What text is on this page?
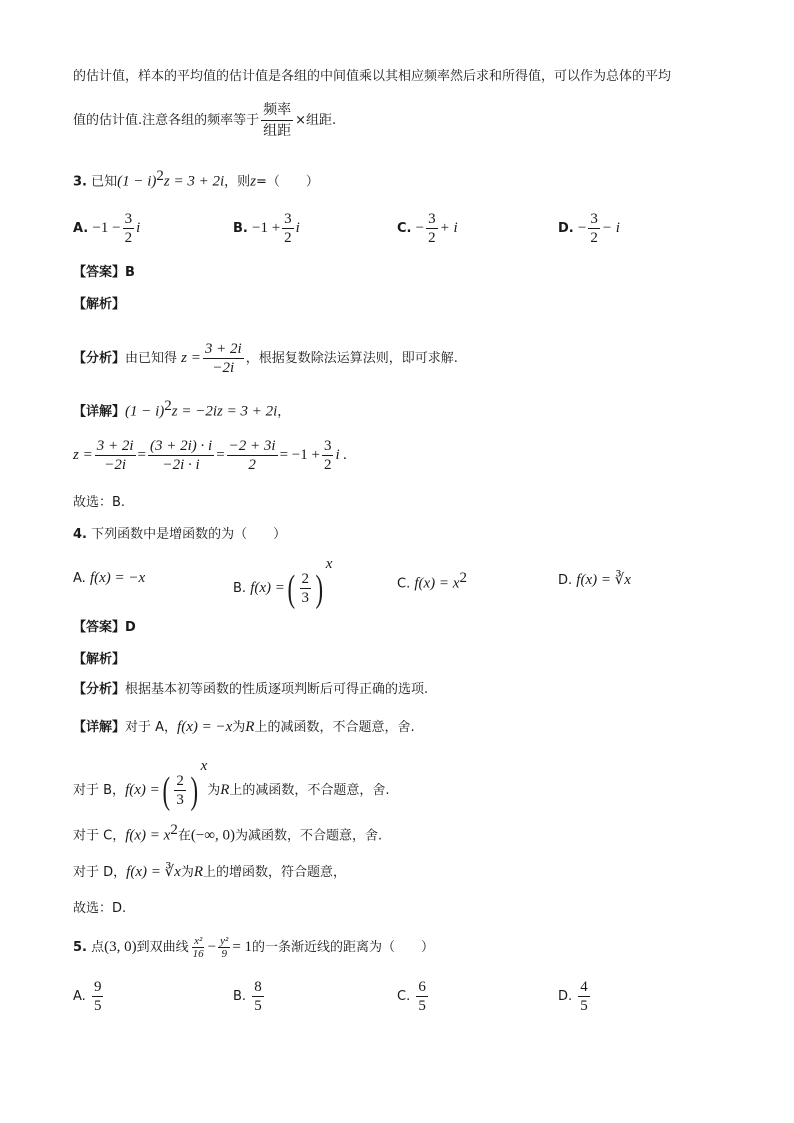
的估计值，样本的平均值的估计值是各组的中间值乘以其相应频率然后求和所得值，可以作为总体的平均
值的估计值.注意各组的频率等于 $\frac{\text{频率}}{\text{组距}}$ ×组距.
3. 已知$(1 - i)^2z = 3 + 2i$，则z=（　　）
A. $-1 - \frac{3}{2}$ i	B. $-1 + \frac{3}{2}$ i	C. − $\frac{3}{2} + i$	D. − $\frac{3}{2} - i$
【答案】B
【解析】
【分析】由已知得 $z = \frac{3 + 2i}{-2i}$ ，根据复数除法运算法则，即可求解.
【详解】$(1 - i)^2z = -2iz = 3 + 2i$，
$z = \frac{3 + 2i}{-2i} = \frac{(3 + 2i) \cdot i}{-2i \cdot i} = \frac{-2 + 3i}{2} = -1 + \frac{3}{2}$ i .
故选：B.
4. 下列函数中是增函数的为（　　）
A. f(x) = −x
B. f(x) = ( $\frac{2}{3}$ )
$^x$
C. $f(x) = x^2$	D. f(x) = ∛x
【答案】D
【解析】
【分析】根据基本初等函数的性质逐项判断后可得正确的选项.
【详解】对于 A，f(x) = −x为R上的减函数，不合题意，舍.
对于 B，f(x) = ( $\frac{2}{3}$ )
$^x$为R上的减函数，不合题意，舍.
对于 C，$f(x) = x^2$在(−∞, 0)为减函数，不合题意，舍.
对于 D，f(x) = ∛x为R上的增函数，符合题意，
故选：D.
5. 点(3, 0)到双曲线 $\frac{\text{x²}}{16} - \frac{\text{y²}}{9} = 1$的一条渐近线的距离为（　　）
A. $\frac{9}{5}$	B. $\frac{8}{5}$	C. $\frac{6}{5}$	D. $\frac{4}{5}$
